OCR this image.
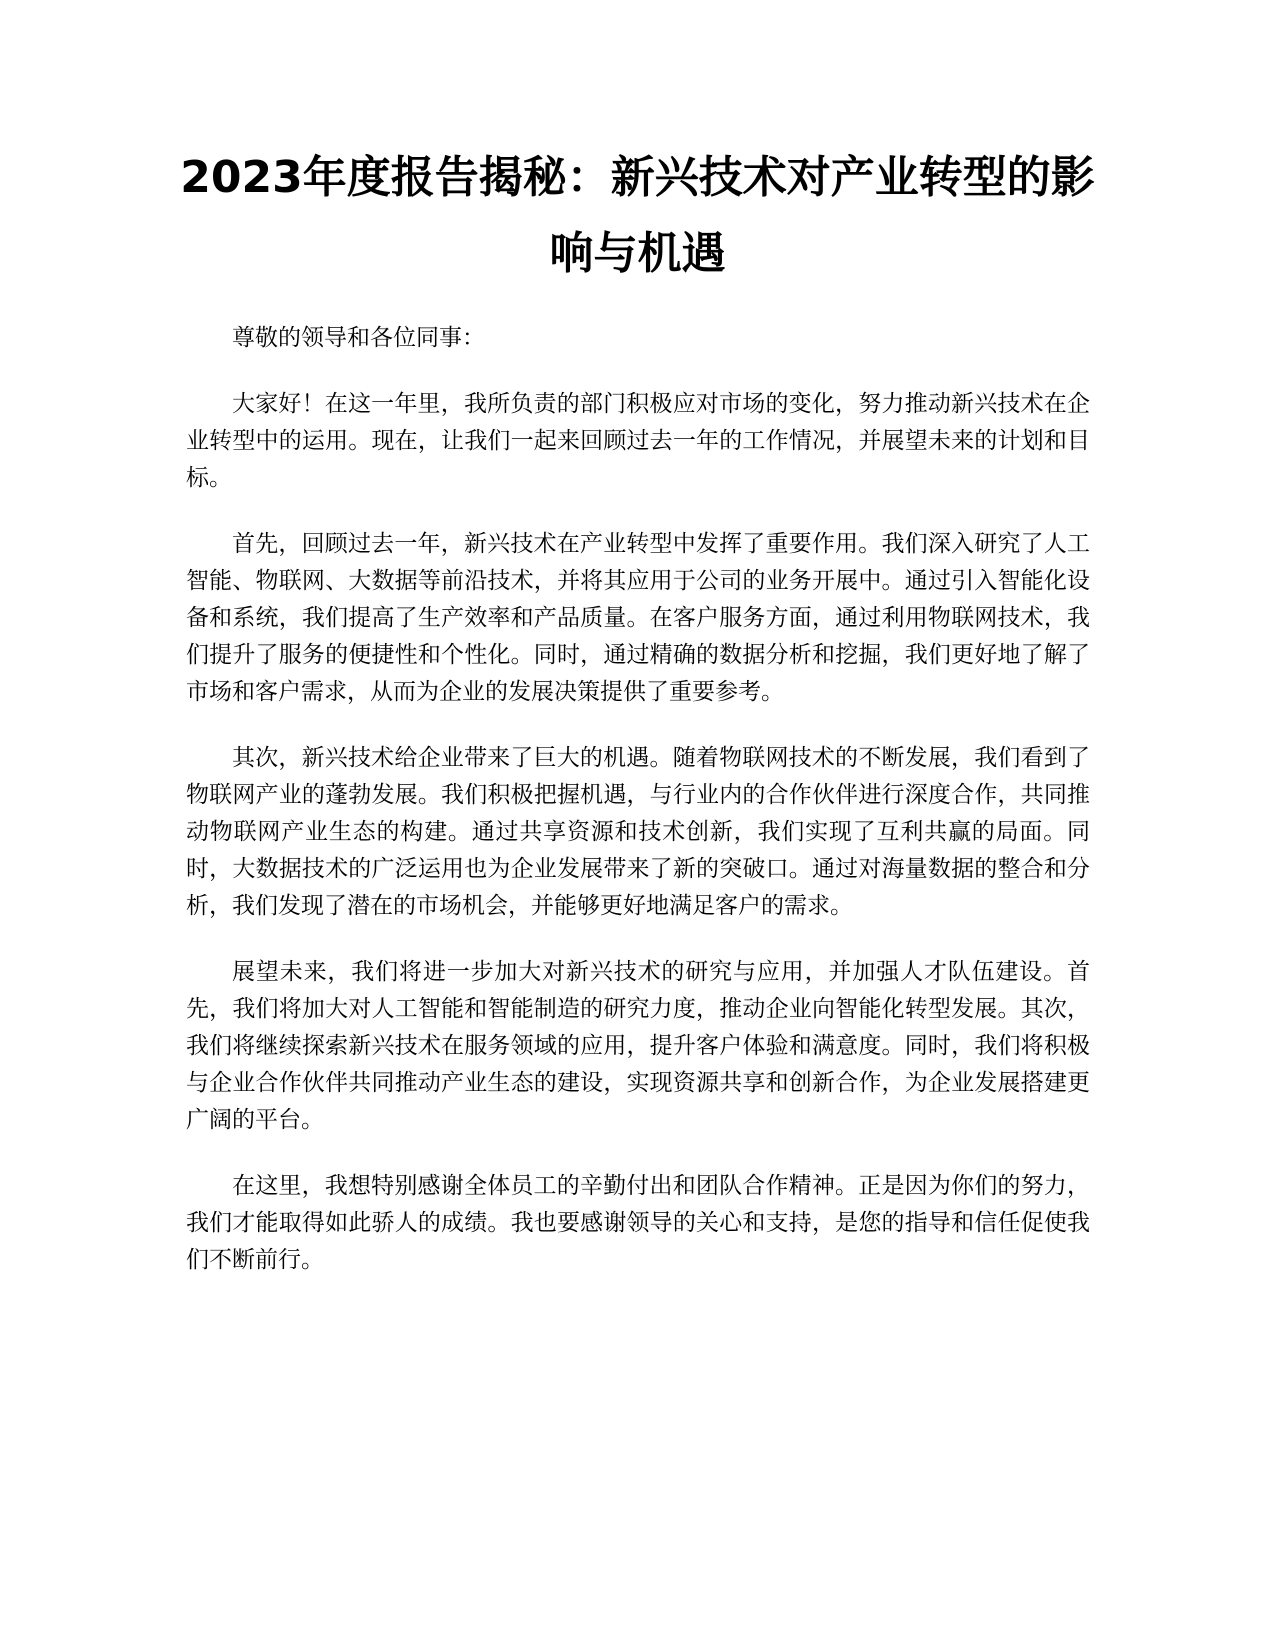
2023年度报告揭秘：新兴技术对产业转型的影响与机遇

尊敬的领导和各位同事：

大家好！在这一年里，我所负责的部门积极应对市场的变化，努力推动新兴技术在企业转型中的运用。现在，让我们一起来回顾过去一年的工作情况，并展望未来的计划和目标。

首先，回顾过去一年，新兴技术在产业转型中发挥了重要作用。我们深入研究了人工智能、物联网、大数据等前沿技术，并将其应用于公司的业务开展中。通过引入智能化设备和系统，我们提高了生产效率和产品质量。在客户服务方面，通过利用物联网技术，我们提升了服务的便捷性和个性化。同时，通过精确的数据分析和挖掘，我们更好地了解了市场和客户需求，从而为企业的发展决策提供了重要参考。

其次，新兴技术给企业带来了巨大的机遇。随着物联网技术的不断发展，我们看到了物联网产业的蓬勃发展。我们积极把握机遇，与行业内的合作伙伴进行深度合作，共同推动物联网产业生态的构建。通过共享资源和技术创新，我们实现了互利共赢的局面。同时，大数据技术的广泛运用也为企业发展带来了新的突破口。通过对海量数据的整合和分析，我们发现了潜在的市场机会，并能够更好地满足客户的需求。

展望未来，我们将进一步加大对新兴技术的研究与应用，并加强人才队伍建设。首先，我们将加大对人工智能和智能制造的研究力度，推动企业向智能化转型发展。其次，我们将继续探索新兴技术在服务领域的应用，提升客户体验和满意度。同时，我们将积极与企业合作伙伴共同推动产业生态的建设，实现资源共享和创新合作，为企业发展搭建更广阔的平台。

在这里，我想特别感谢全体员工的辛勤付出和团队合作精神。正是因为你们的努力，我们才能取得如此骄人的成绩。我也要感谢领导的关心和支持，是您的指导和信任促使我们不断前行。
